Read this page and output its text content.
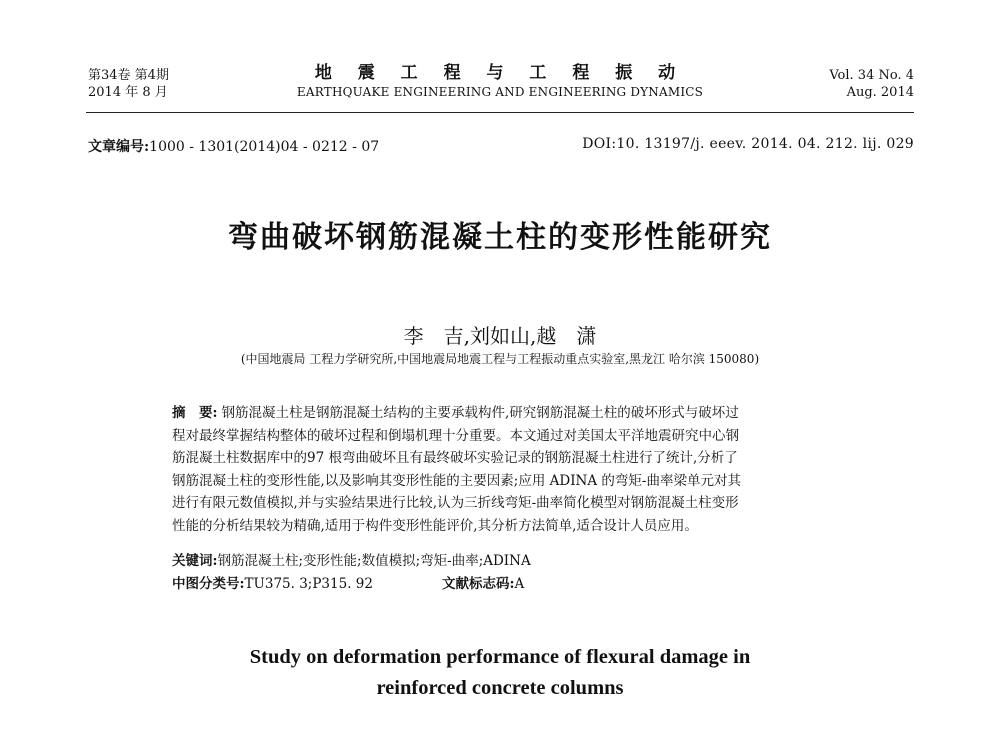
第34卷 第4期
2014 年 8 月
地 震 工 程 与 工 程 振 动
EARTHQUAKE ENGINEERING AND ENGINEERING DYNAMICS
Vol. 34 No. 4
Aug. 2014
文章编号:1000 - 1301(2014)04 - 0212 - 07	DOI:10. 13197/j. eeev. 2014. 04. 212. lij. 029
弯曲破坏钢筋混凝土柱的变形性能研究
李　吉,刘如山,越　潇
(中国地震局 工程力学研究所,中国地震局地震工程与工程振动重点实验室,黑龙江 哈尔滨 150080)

摘　要: 钢筋混凝土柱是钢筋混凝土结构的主要承载构件,研究钢筋混凝土柱的破坏形式与破坏过

程对最终掌握结构整体的破坏过程和倒塌机理十分重要。本文通过对美国太平洋地震研究中心钢

筋混凝土柱数据库中的97 根弯曲破坏且有最终破坏实验记录的钢筋混凝土柱进行了统计,分析了

钢筋混凝土柱的变形性能,以及影响其变形性能的主要因素;应用 ADINA 的弯矩-曲率梁单元对其

进行有限元数值模拟,并与实验结果进行比较,认为三折线弯矩-曲率简化模型对钢筋混凝土柱变形

性能的分析结果较为精确,适用于构件变形性能评价,其分析方法简单,适合设计人员应用。

关键词:钢筋混凝土柱;变形性能;数值模拟;弯矩-曲率;ADINA
中图分类号:TU375. 3;P315. 92	文献标志码:A
Study on deformation performance of flexural damage in
reinforced concrete columns
